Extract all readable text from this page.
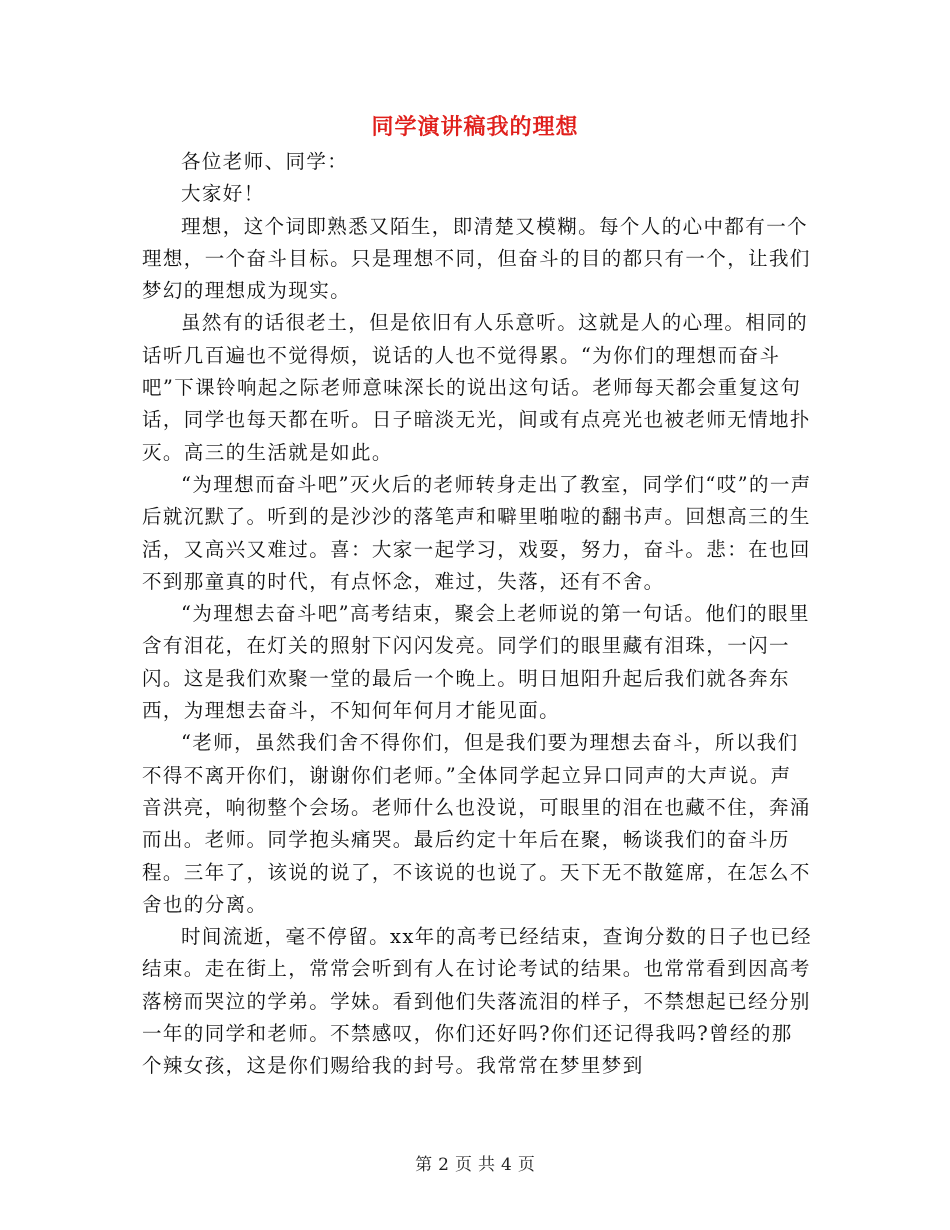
同学演讲稿我的理想

各位老师、同学：

大家好！

理想，这个词即熟悉又陌生，即清楚又模糊。每个人的心中都有一个理想，一个奋斗目标。只是理想不同，但奋斗的目的都只有一个，让我们梦幻的理想成为现实。

虽然有的话很老土，但是依旧有人乐意听。这就是人的心理。相同的话听几百遍也不觉得烦，说话的人也不觉得累。“为你们的理想而奋斗吧”下课铃响起之际老师意味深长的说出这句话。老师每天都会重复这句话，同学也每天都在听。日子暗淡无光，间或有点亮光也被老师无情地扑灭。高三的生活就是如此。

“为理想而奋斗吧”灭火后的老师转身走出了教室，同学们“哎”的一声后就沉默了。听到的是沙沙的落笔声和噼里啪啦的翻书声。回想高三的生活，又高兴又难过。喜：大家一起学习，戏耍，努力，奋斗。悲：在也回不到那童真的时代，有点怀念，难过，失落，还有不舍。

“为理想去奋斗吧”高考结束，聚会上老师说的第一句话。他们的眼里含有泪花，在灯关的照射下闪闪发亮。同学们的眼里藏有泪珠，一闪一闪。这是我们欢聚一堂的最后一个晚上。明日旭阳升起后我们就各奔东西，为理想去奋斗，不知何年何月才能见面。

“老师，虽然我们舍不得你们，但是我们要为理想去奋斗，所以我们不得不离开你们，谢谢你们老师。”全体同学起立异口同声的大声说。声音洪亮，响彻整个会场。老师什么也没说，可眼里的泪在也藏不住，奔涌而出。老师。同学抱头痛哭。最后约定十年后在聚，畅谈我们的奋斗历程。三年了，该说的说了，不该说的也说了。天下无不散筵席，在怎么不舍也的分离。

时间流逝，毫不停留。xx年的高考已经结束，查询分数的日子也已经结束。走在街上，常常会听到有人在讨论考试的结果。也常常看到因高考落榜而哭泣的学弟。学妹。看到他们失落流泪的样子，不禁想起已经分别一年的同学和老师。不禁感叹，你们还好吗?你们还记得我吗?曾经的那个辣女孩，这是你们赐给我的封号。我常常在梦里梦到

第 2 页 共 4 页
